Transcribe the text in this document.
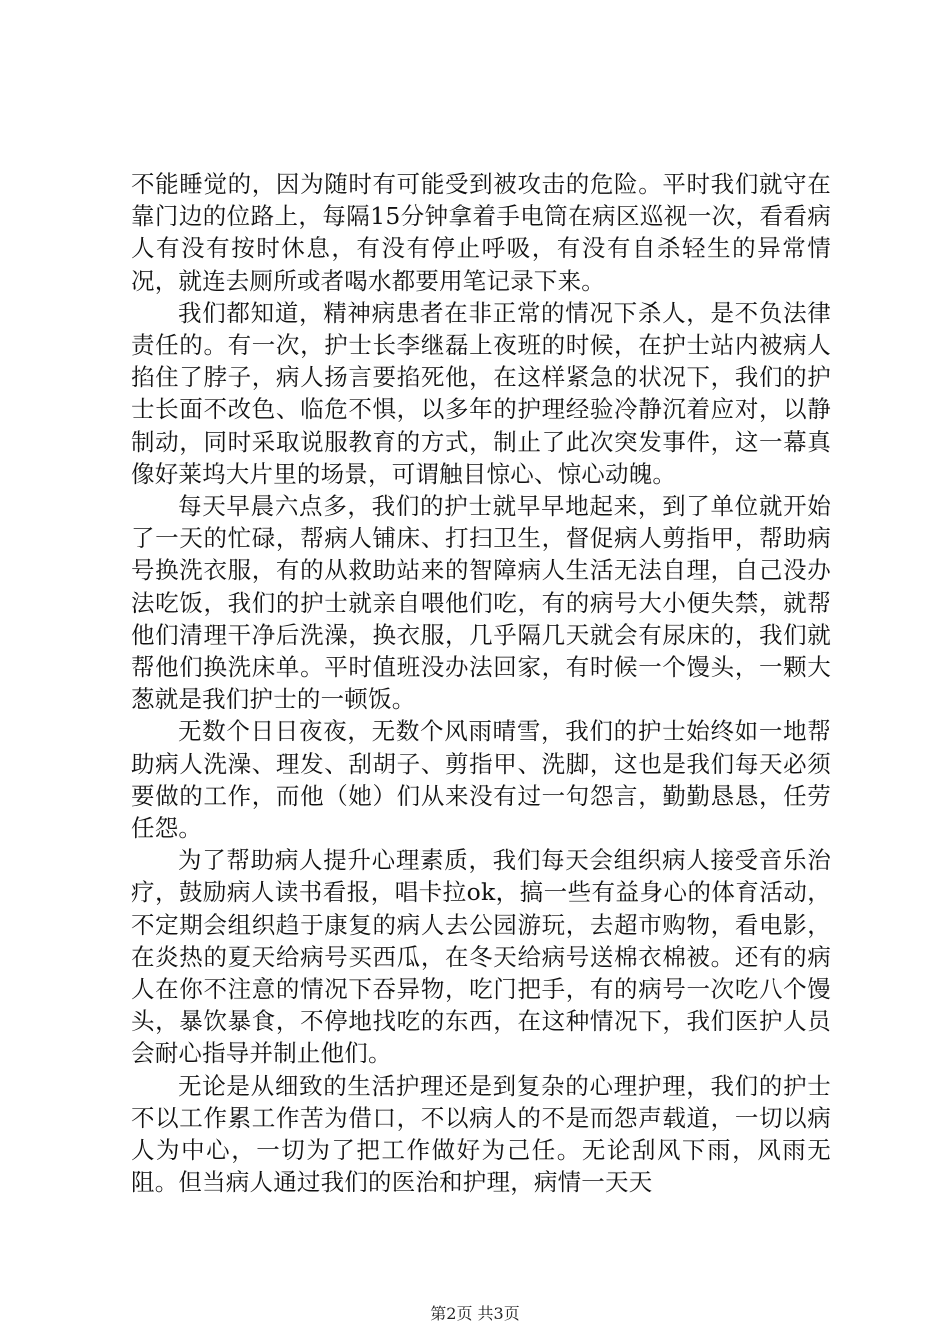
不能睡觉的，因为随时有可能受到被攻击的危险。平时我们就守在靠门边的位路上，每隔15分钟拿着手电筒在病区巡视一次，看看病人有没有按时休息，有没有停止呼吸，有没有自杀轻生的异常情况，就连去厕所或者喝水都要用笔记录下来。

我们都知道，精神病患者在非正常的情况下杀人，是不负法律责任的。有一次，护士长李继磊上夜班的时候，在护士站内被病人掐住了脖子，病人扬言要掐死他，在这样紧急的状况下，我们的护士长面不改色、临危不惧，以多年的护理经验冷静沉着应对，以静制动，同时采取说服教育的方式，制止了此次突发事件，这一幕真像好莱坞大片里的场景，可谓触目惊心、惊心动魄。

每天早晨六点多，我们的护士就早早地起来，到了单位就开始了一天的忙碌，帮病人铺床、打扫卫生，督促病人剪指甲，帮助病号换洗衣服，有的从救助站来的智障病人生活无法自理，自己没办法吃饭，我们的护士就亲自喂他们吃，有的病号大小便失禁，就帮他们清理干净后洗澡，换衣服，几乎隔几天就会有尿床的，我们就帮他们换洗床单。平时值班没办法回家，有时候一个馒头，一颗大葱就是我们护士的一顿饭。

无数个日日夜夜，无数个风雨晴雪，我们的护士始终如一地帮助病人洗澡、理发、刮胡子、剪指甲、洗脚，这也是我们每天必须要做的工作，而他（她）们从来没有过一句怨言，勤勤恳恳，任劳任怨。

为了帮助病人提升心理素质，我们每天会组织病人接受音乐治疗，鼓励病人读书看报，唱卡拉ok，搞一些有益身心的体育活动，不定期会组织趋于康复的病人去公园游玩，去超市购物，看电影，在炎热的夏天给病号买西瓜，在冬天给病号送棉衣棉被。还有的病人在你不注意的情况下吞异物，吃门把手，有的病号一次吃八个馒头，暴饮暴食，不停地找吃的东西，在这种情况下，我们医护人员会耐心指导并制止他们。

无论是从细致的生活护理还是到复杂的心理护理，我们的护士不以工作累工作苦为借口，不以病人的不是而怨声载道，一切以病人为中心，一切为了把工作做好为己任。无论刮风下雨，风雨无阻。但当病人通过我们的医治和护理，病情一天天

第2页 共3页
